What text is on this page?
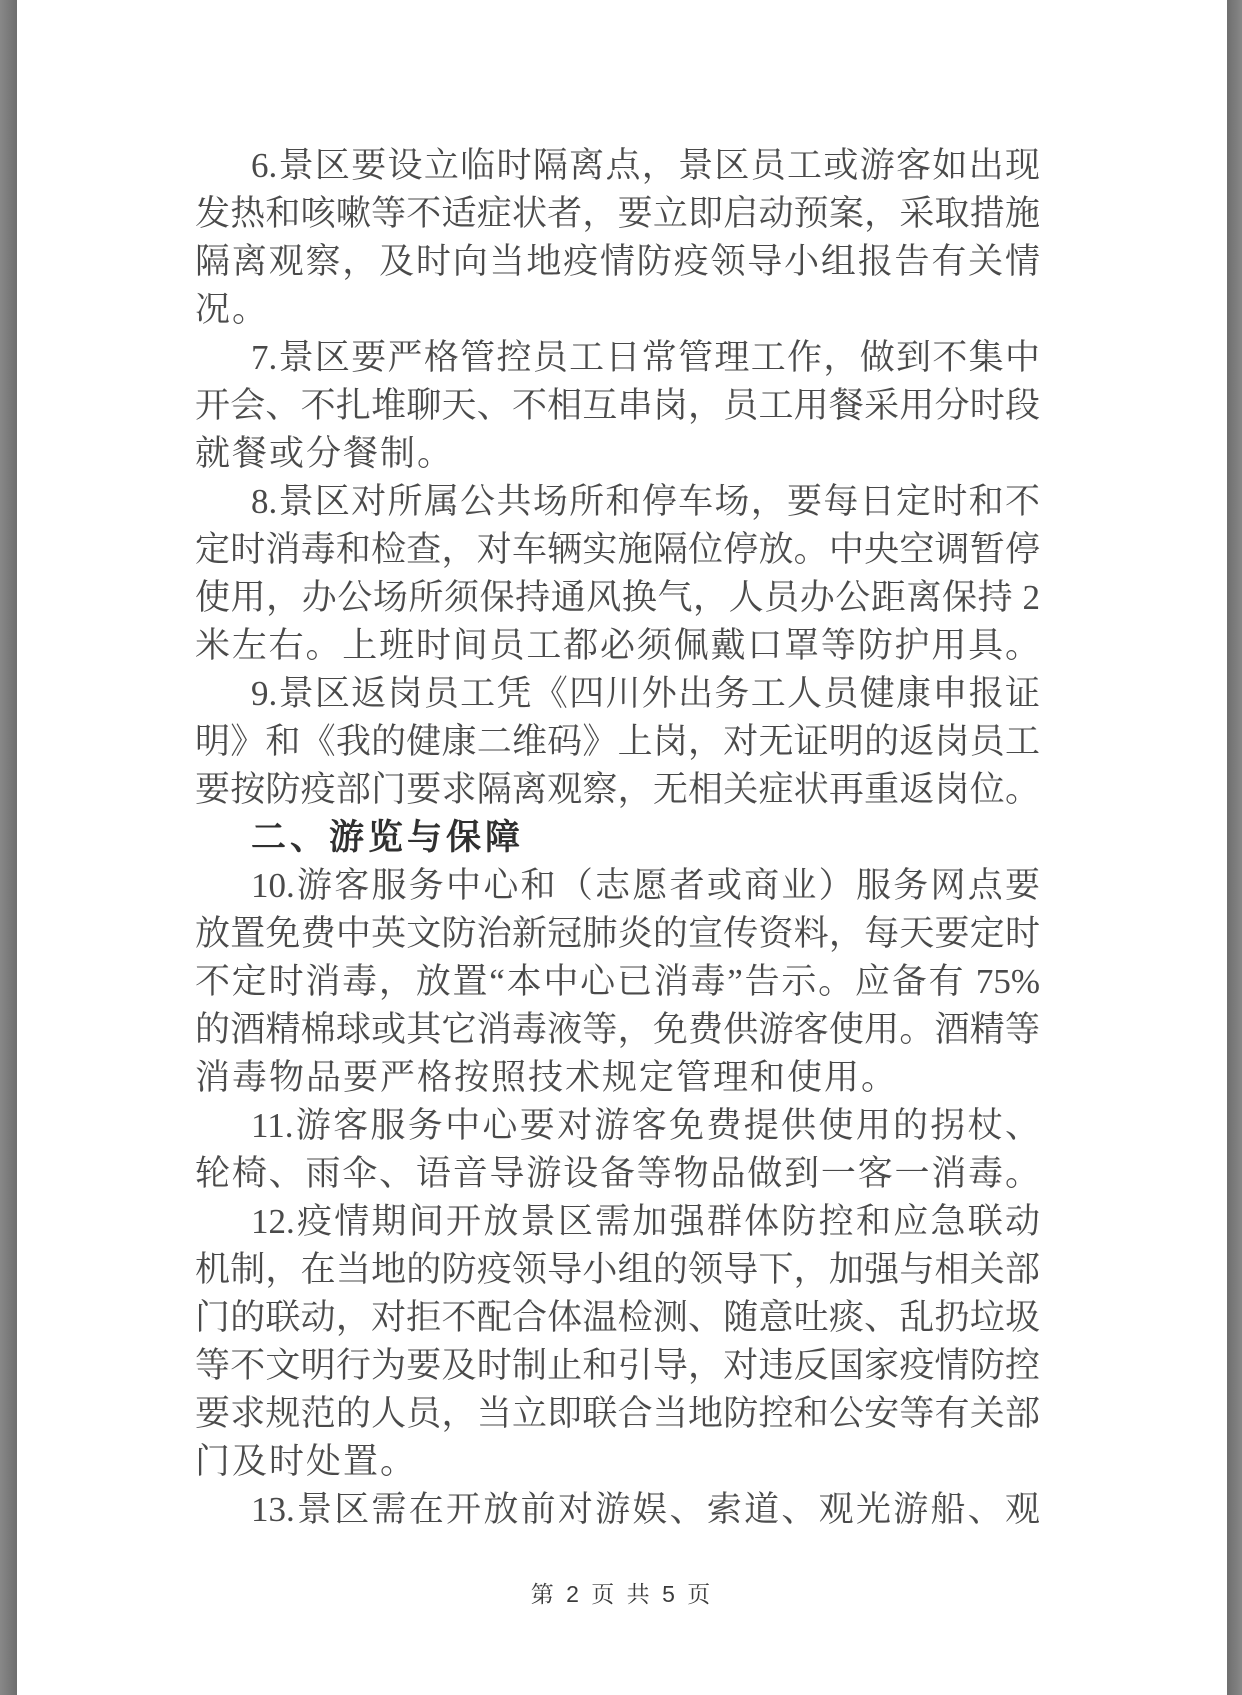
6.景区要设立临时隔离点，景区员工或游客如出现
发热和咳嗽等不适症状者，要立即启动预案，采取措施
隔离观察，及时向当地疫情防疫领导小组报告有关情
况。
7.景区要严格管控员工日常管理工作，做到不集中
开会、不扎堆聊天、不相互串岗，员工用餐采用分时段
就餐或分餐制。
8.景区对所属公共场所和停车场，要每日定时和不
定时消毒和检查，对车辆实施隔位停放。中央空调暂停
使用，办公场所须保持通风换气，人员办公距离保持 2
米左右。上班时间员工都必须佩戴口罩等防护用具。
9.景区返岗员工凭《四川外出务工人员健康申报证
明》和《我的健康二维码》上岗，对无证明的返岗员工
要按防疫部门要求隔离观察，无相关症状再重返岗位。
二、游览与保障
10.游客服务中心和（志愿者或商业）服务网点要
放置免费中英文防治新冠肺炎的宣传资料，每天要定时
不定时消毒，放置“本中心已消毒”告示。应备有 75%
的酒精棉球或其它消毒液等，免费供游客使用。酒精等
消毒物品要严格按照技术规定管理和使用。
11.游客服务中心要对游客免费提供使用的拐杖、
轮椅、雨伞、语音导游设备等物品做到一客一消毒。
12.疫情期间开放景区需加强群体防控和应急联动
机制，在当地的防疫领导小组的领导下，加强与相关部
门的联动，对拒不配合体温检测、随意吐痰、乱扔垃圾
等不文明行为要及时制止和引导，对违反国家疫情防控
要求规范的人员，当立即联合当地防控和公安等有关部
门及时处置。
13.景区需在开放前对游娱、索道、观光游船、观
第 2 页 共 5 页
